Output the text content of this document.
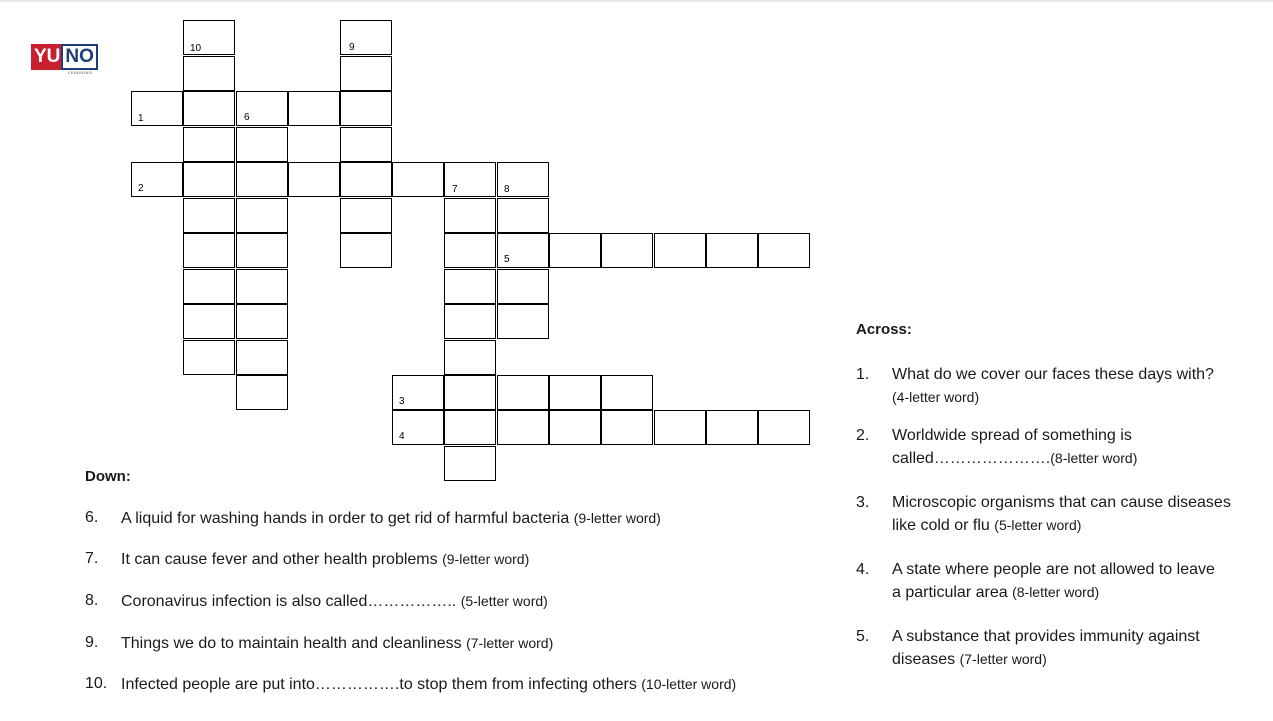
YU NO
LEARNING
10	9
1	6
2	7	8
5
3
4
Down:
6. A liquid for washing hands in order to get rid of harmful bacteria (9-letter word)
7. It can cause fever and other health problems (9-letter word)
8. Coronavirus infection is also called…………….. (5-letter word)
9. Things we do to maintain health and cleanliness (7-letter word)
10. Infected people are put into…………….to stop them from infecting others (10-letter word)
Across:
1. What do we cover our faces these days with?
(4-letter word)
2. Worldwide spread of something is
called………………….(8-letter word)
3. Microscopic organisms that can cause diseases
like cold or flu (5-letter word)
4. A state where people are not allowed to leave
a particular area (8-letter word)
5. A substance that provides immunity against
diseases (7-letter word)
